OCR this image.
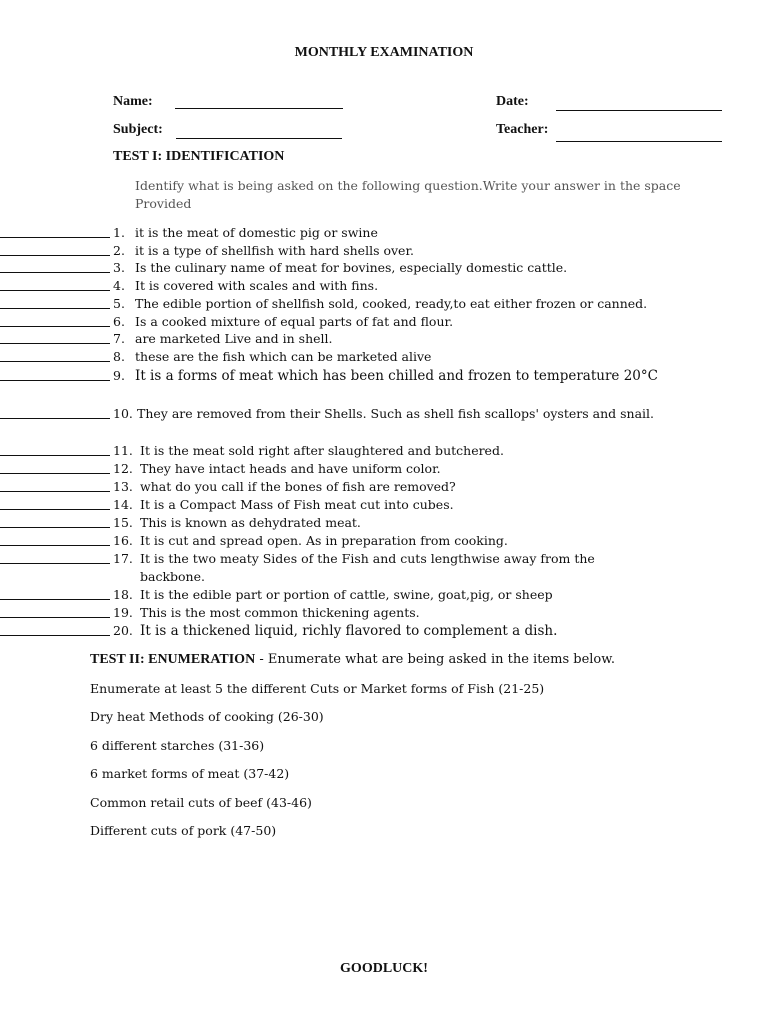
MONTHLY EXAMINATION
Name:	Date:
Subject:	Teacher:
TEST I: IDENTIFICATION
Identify what is being asked on the following question.Write your answer in the space Provided
1. it is the meat of domestic pig or swine
2. it is a type of shellfish with hard shells over.
3. Is the culinary name of meat for bovines, especially domestic cattle.
4. It is covered with scales and with fins.
5. The edible portion of shellfish sold, cooked, ready,to eat either frozen or canned.
6. Is a cooked mixture of equal parts of fat and flour.
7. are marketed Live and in shell.
8. these are the fish which can be marketed alive
9. It is a forms of meat which has been chilled and frozen to temperature 20°C
10. They are removed from their Shells. Such as shell fish scallops' oysters and snail.
11. It is the meat sold right after slaughtered and butchered.
12. They have intact heads and have uniform color.
13. what do you call if the bones of fish are removed?
14. It is a Compact Mass of Fish meat cut into cubes.
15. This is known as dehydrated meat.
16. It is cut and spread open. As in preparation from cooking.
17. It is the two meaty Sides of the Fish and cuts lengthwise away from the backbone.
18. It is the edible part or portion of cattle, swine, goat,pig, or sheep
19. This is the most common thickening agents.
20. It is a thickened liquid, richly flavored to complement a dish.
TEST II: ENUMERATION - Enumerate what are being asked in the items below.
Enumerate at least 5 the different Cuts or Market forms of Fish (21-25)
Dry heat Methods of cooking (26-30)
6 different starches (31-36)
6 market forms of meat (37-42)
Common retail cuts of beef (43-46)
Different cuts of pork (47-50)
GOODLUCK!
